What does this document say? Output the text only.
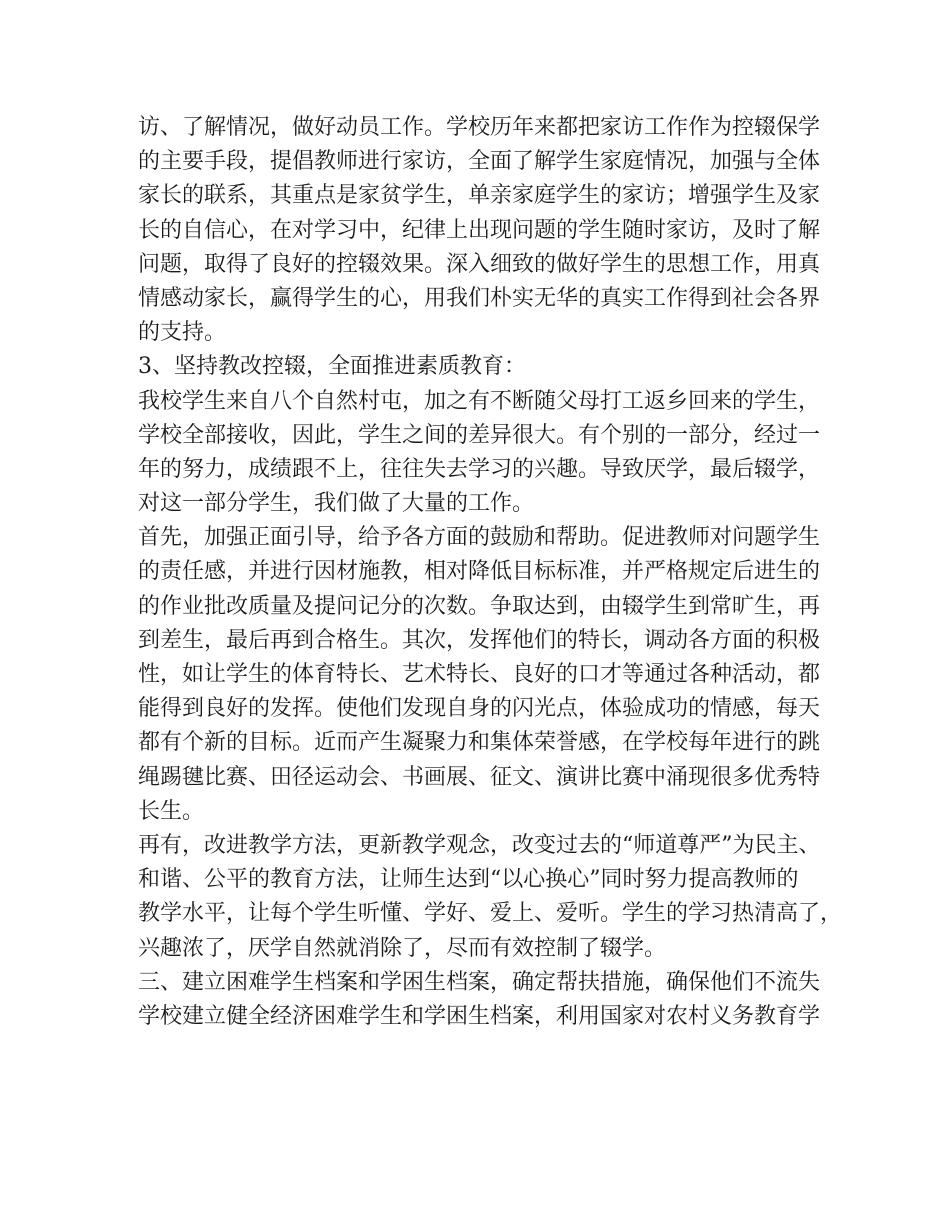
访、了解情况，做好动员工作。学校历年来都把家访工作作为控辍保学
的主要手段，提倡教师进行家访，全面了解学生家庭情况，加强与全体
家长的联系，其重点是家贫学生，单亲家庭学生的家访；增强学生及家
长的自信心，在对学习中，纪律上出现问题的学生随时家访，及时了解
问题，取得了良好的控辍效果。深入细致的做好学生的思想工作，用真
情感动家长，赢得学生的心，用我们朴实无华的真实工作得到社会各界
的支持。
3、坚持教改控辍，全面推进素质教育：
我校学生来自八个自然村屯，加之有不断随父母打工返乡回来的学生，
学校全部接收，因此，学生之间的差异很大。有个别的一部分，经过一
年的努力，成绩跟不上，往往失去学习的兴趣。导致厌学，最后辍学，
对这一部分学生，我们做了大量的工作。
首先，加强正面引导，给予各方面的鼓励和帮助。促进教师对问题学生
的责任感，并进行因材施教，相对降低目标标准，并严格规定后进生的
的作业批改质量及提问记分的次数。争取达到，由辍学生到常旷生，再
到差生，最后再到合格生。其次，发挥他们的特长，调动各方面的积极
性，如让学生的体育特长、艺术特长、良好的口才等通过各种活动，都
能得到良好的发挥。使他们发现自身的闪光点，体验成功的情感，每天
都有个新的目标。近而产生凝聚力和集体荣誉感，在学校每年进行的跳
绳踢毽比赛、田径运动会、书画展、征文、演讲比赛中涌现很多优秀特
长生。
再有，改进教学方法，更新教学观念，改变过去的“师道尊严”为民主、
和谐、公平的教育方法，让师生达到“以心换心”同时努力提高教师的
教学水平，让每个学生听懂、学好、爱上、爱听。学生的学习热清高了，
兴趣浓了，厌学自然就消除了，尽而有效控制了辍学。
三、建立困难学生档案和学困生档案，确定帮扶措施，确保他们不流失
学校建立健全经济困难学生和学困生档案，利用国家对农村义务教育学
